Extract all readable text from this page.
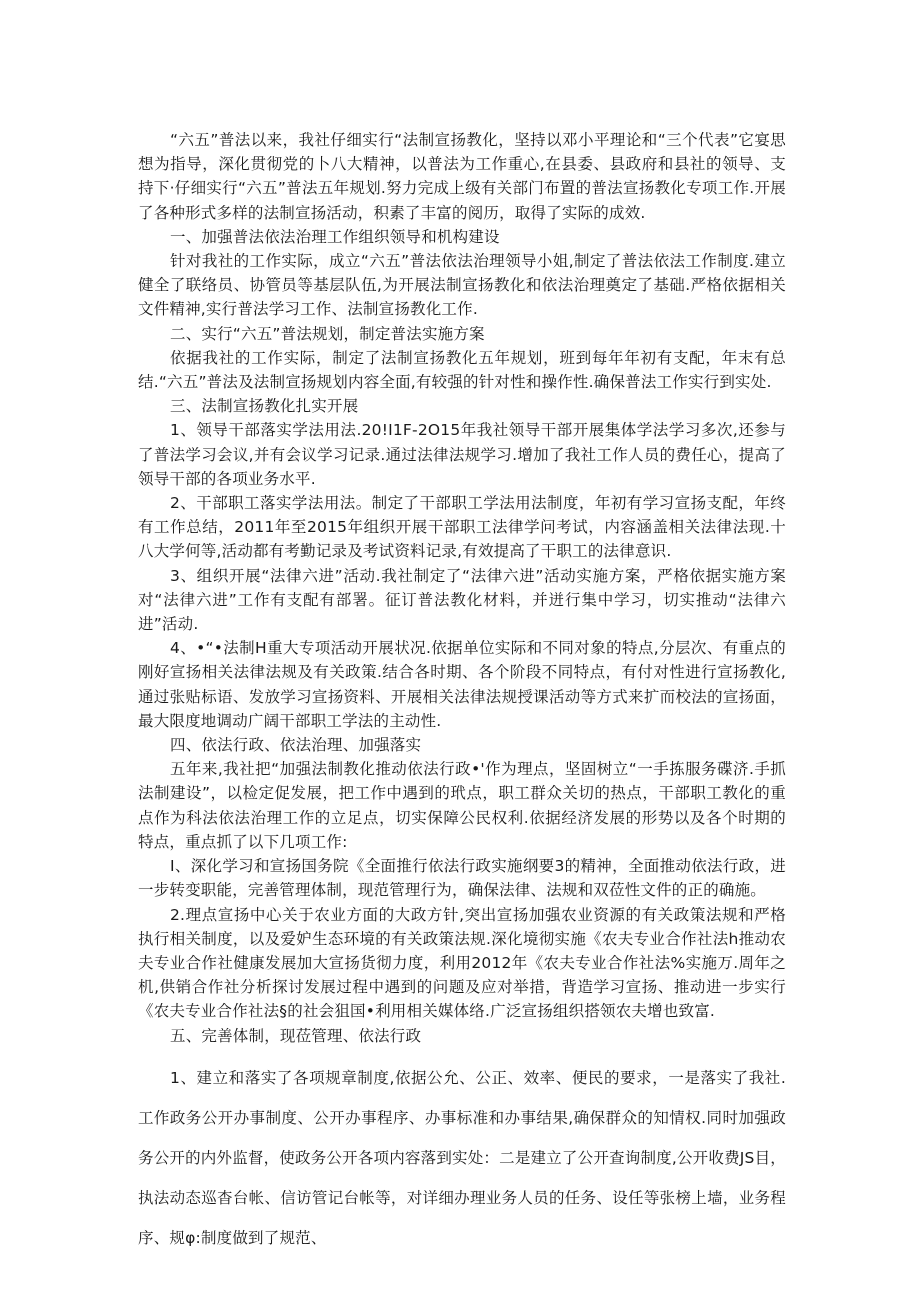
“六五”普法以来，我社仔细实行“法制宣扬教化，坚持以邓小平理论和“三个代表”它宴思想为指导，深化贯彻党的卜八大精神，以普法为工作重心,在县委、县政府和县社的领导、支持下·仔细实行“六五”普法五年规划.努力完成上级有关部门布置的普法宣扬教化专项工作.开展了各种形式多样的法制宣扬活动，积素了丰富的阅历，取得了实际的成效.

一、加强普法依法治理工作组织领导和机构建设

针对我社的工作实际，成立“六五”普法依法治理领导小姐,制定了普法依法工作制度.建立健全了联络员、协管员等基层队伍,为开展法制宣扬教化和依法治理奠定了基础.严格依据相关文件精神,实行普法学习工作、法制宣扬教化工作.

二、实行“六五”普法规划，制定普法实施方案

依据我社的工作实际，制定了法制宣扬教化五年规划，班到每年年初有支配，年末有总结.“六五”普法及法制宣扬规划内容全面,有较强的针对性和操作性.确保普法工作实行到实处.

三、法制宣扬教化扎实开展

1、领导干部落实学法用法.20!I1F-2O15年我社领导干部开展集体学法学习多次,还参与了普法学习会议,并有会议学习记录.通过法律法规学习.增加了我社工作人员的费任心，提高了领导干部的各项业务水平.

2、干部职工落实学法用法。制定了干部职工学法用法制度，年初有学习宣扬支配，年终有工作总结，2011年至2015年组织开展干部职工法律学问考试，内容涵盖相关法律法现.十八大学何等,活动都有考勤记录及考试资料记录,有效提高了干职工的法律意识.

3、组织开展“法律六进”活动.我社制定了“法律六进”活动实施方案，严格依据实施方案对“法律六进”工作有支配有部署。征订普法教化材料，并迸行集中学习，切实推动“法律六进”活动.

4、•“•法制H重大专项活动开展状况.依据单位实际和不同对象的特点,分层次、有重点的刚好宣扬相关法律法规及有关政策.结合各时期、各个阶段不同特点，有付对性进行宣扬教化,通过张贴标语、发放学习宣扬资料、开展相关法律法规授课活动等方式来扩而校法的宣扬面，最大限度地调动广阔干部职工学法的主动性.

四、依法行政、依法治理、加强落实

五年来,我社把“加强法制教化推动依法行政•'作为理点，坚固树立“一手拣服务碟济.手抓法制建设”，以检定促发展，把工作中遇到的玳点，职工群众关切的热点，干部职工教化的重点作为科法依法治理工作的立足点，切实保障公民权利.依据经济发展的形势以及各个时期的特点，重点抓了以下几项工作:

I、深化学习和宣扬国务院《全面推行依法行政实施纲要3的精神，全面推动依法行政，进一步转变职能，完善管理体制，现范管理行为，确保法律、法规和双莅性文件的正的确施。

2.理点宣扬中心关于农业方面的大政方针,突出宣扬加强农业资源的有关政策法规和严格执行相关制度，以及爱妒生态环境的有关政策法规.深化境彻实施《农夫专业合作社法h推动农夫专业合作社健康发展加大宣扬货彻力度，利用2012年《农夫专业合作社法%实施万.周年之机,供销合作社分析探讨发展过程中遇到的问题及应对举措，背造学习宣扬、推动进一步实行《农夫专业合作社法§的社会狙国•利用相关媒体络.广泛宣扬组织搭领农夫增也致富.

五、完善体制，现莅管理、依法行政

1、建立和落实了各项规章制度,依据公允、公正、效率、便民的要求，一是落实了我社.工作政务公开办事制度、公开办事程序、办事标准和办事结果,确保群众的知情权.同时加强政务公开的内外监督，使政务公开各项内容落到实处：二是建立了公开查询制度,公开收费JS目，执法动态巡杳台帐、信访管记台帐等，对详细办理业务人员的任务、设任等张榜上墙，业务程序、规φ:制度做到了规范、
